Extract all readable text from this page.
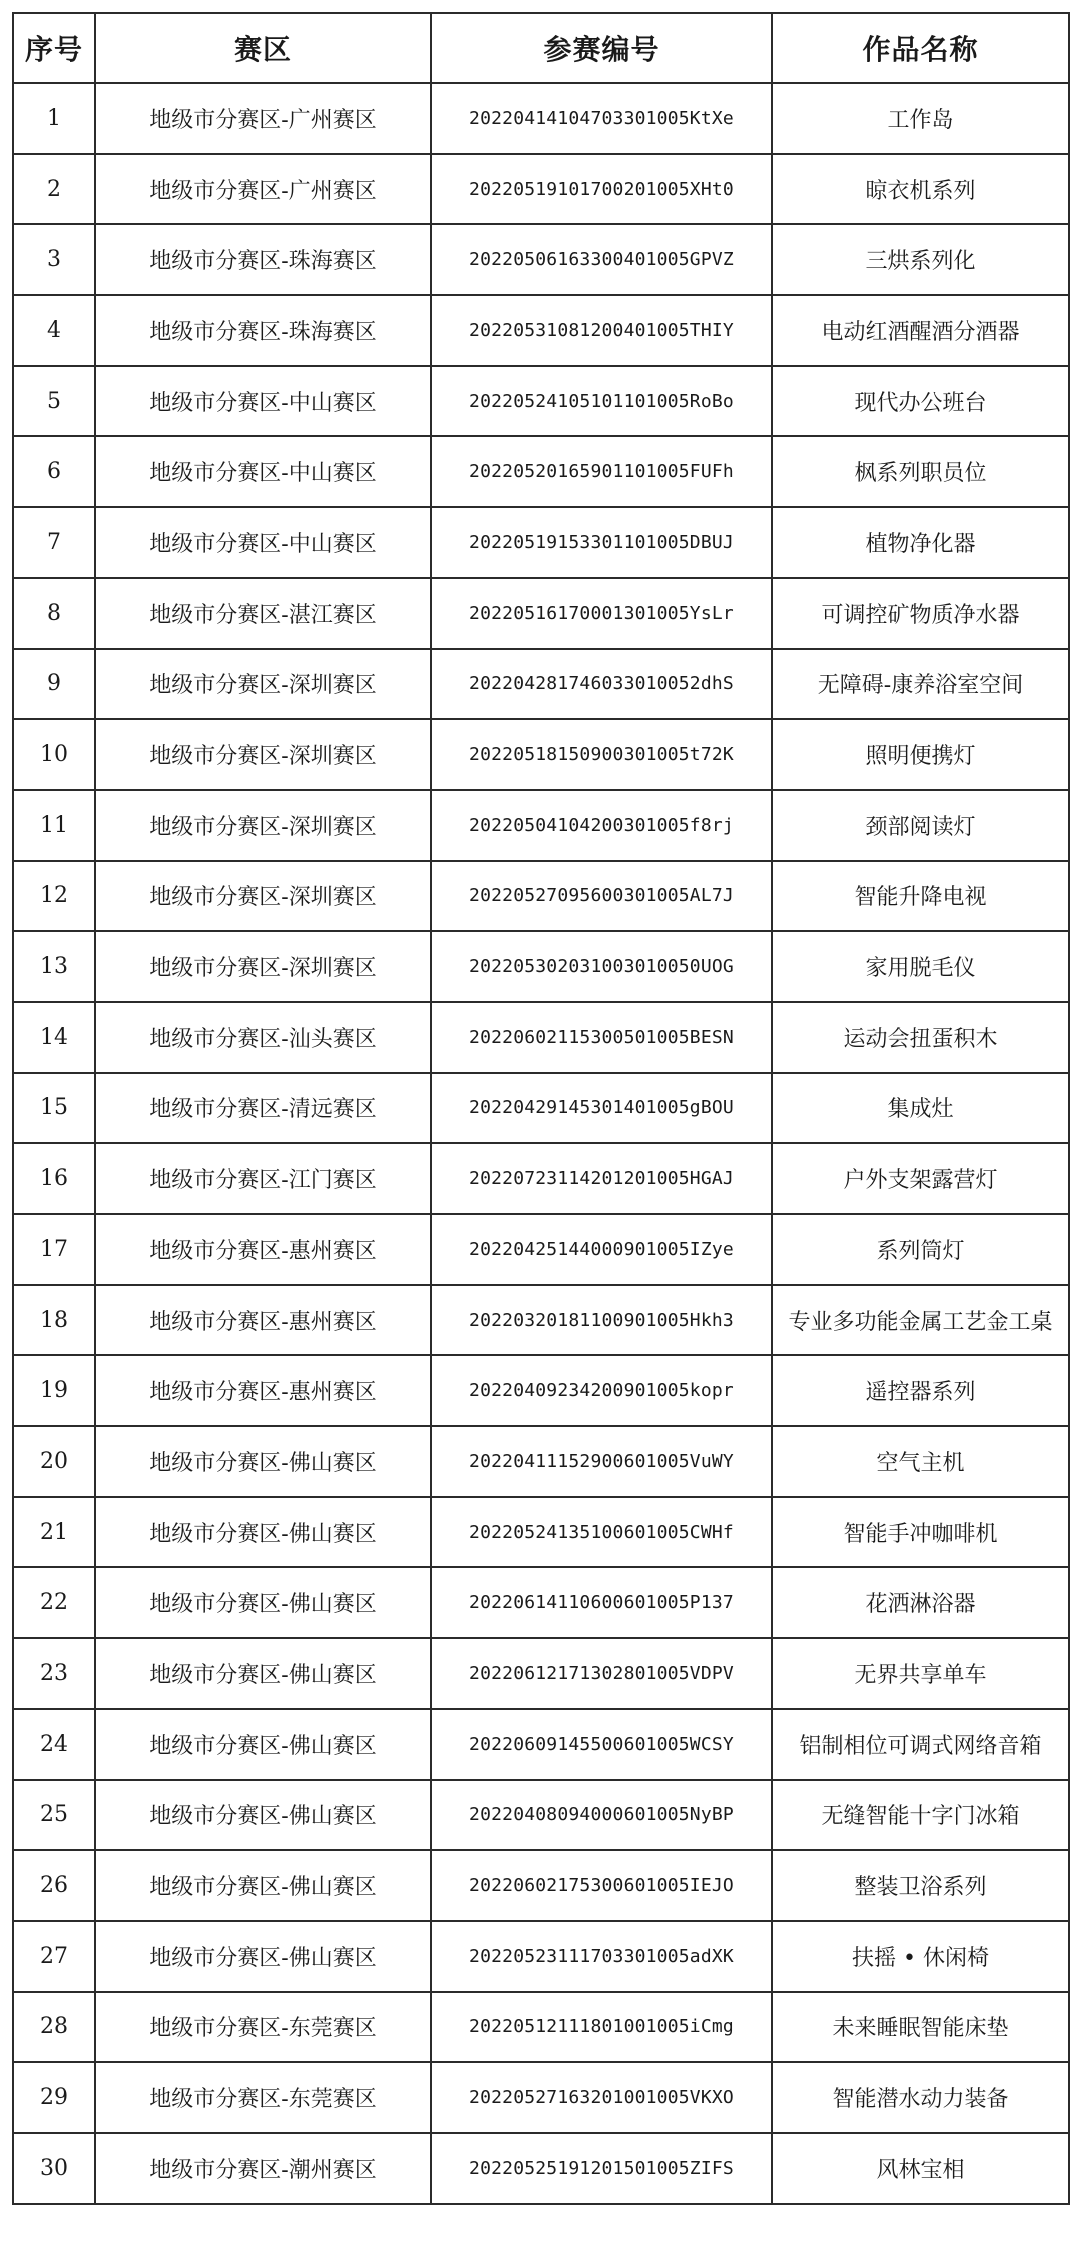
序号	赛区	参赛编号	作品名称
1	地级市分赛区-广州赛区	20220414104703301005KtXe	工作岛
2	地级市分赛区-广州赛区	20220519101700201005XHt0	晾衣机系列
3	地级市分赛区-珠海赛区	20220506163300401005GPVZ	三烘系列化
4	地级市分赛区-珠海赛区	20220531081200401005THIY	电动红酒醒酒分酒器
5	地级市分赛区-中山赛区	20220524105101101005RoBo	现代办公班台
6	地级市分赛区-中山赛区	20220520165901101005FUFh	枫系列职员位
7	地级市分赛区-中山赛区	20220519153301101005DBUJ	植物净化器
8	地级市分赛区-湛江赛区	20220516170001301005YsLr	可调控矿物质净水器
9	地级市分赛区-深圳赛区	202204281746033010052dhS	无障碍-康养浴室空间
10	地级市分赛区-深圳赛区	20220518150900301005t72K	照明便携灯
11	地级市分赛区-深圳赛区	20220504104200301005f8rj	颈部阅读灯
12	地级市分赛区-深圳赛区	20220527095600301005AL7J	智能升降电视
13	地级市分赛区-深圳赛区	202205302031003010050UOG	家用脱毛仪
14	地级市分赛区-汕头赛区	20220602115300501005BESN	运动会扭蛋积木
15	地级市分赛区-清远赛区	20220429145301401005gBOU	集成灶
16	地级市分赛区-江门赛区	20220723114201201005HGAJ	户外支架露营灯
17	地级市分赛区-惠州赛区	20220425144000901005IZye	系列筒灯
18	地级市分赛区-惠州赛区	20220320181100901005Hkh3	专业多功能金属工艺金工桌
19	地级市分赛区-惠州赛区	20220409234200901005kopr	遥控器系列
20	地级市分赛区-佛山赛区	20220411152900601005VuWY	空气主机
21	地级市分赛区-佛山赛区	20220524135100601005CWHf	智能手冲咖啡机
22	地级市分赛区-佛山赛区	20220614110600601005P137	花洒淋浴器
23	地级市分赛区-佛山赛区	20220612171302801005VDPV	无界共享单车
24	地级市分赛区-佛山赛区	20220609145500601005WCSY	铝制相位可调式网络音箱
25	地级市分赛区-佛山赛区	20220408094000601005NyBP	无缝智能十字门冰箱
26	地级市分赛区-佛山赛区	20220602175300601005IEJO	整装卫浴系列
27	地级市分赛区-佛山赛区	20220523111703301005adXK	扶摇 • 休闲椅
28	地级市分赛区-东莞赛区	20220512111801001005iCmg	未来睡眠智能床垫
29	地级市分赛区-东莞赛区	20220527163201001005VKXO	智能潜水动力装备
30	地级市分赛区-潮州赛区	20220525191201501005ZIFS	风林宝相
